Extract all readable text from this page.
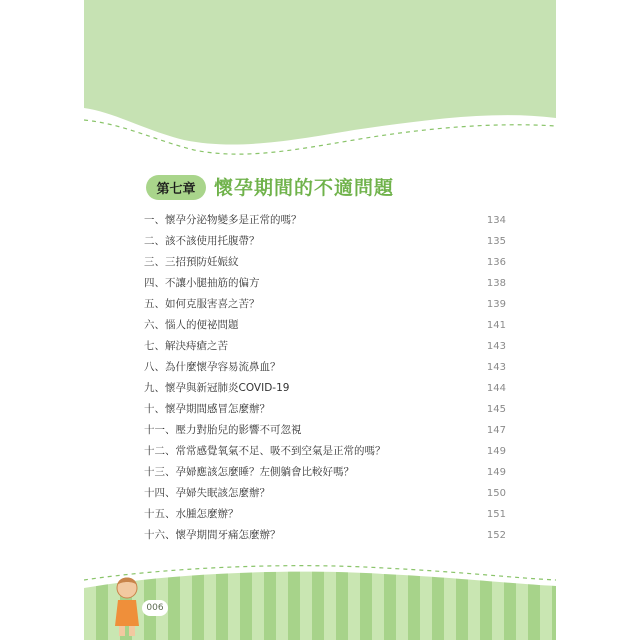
第七章 懷孕期間的不適問題
一、懷孕分泌物變多是正常的嗎？	134
二、該不該使用托腹帶？	135
三、三招預防妊娠紋	136
四、不讓小腿抽筋的偏方	138
五、如何克服害喜之苦？	139
六、惱人的便祕問題	141
七、解決痔瘡之苦	143
八、為什麼懷孕容易流鼻血？	143
九、懷孕與新冠肺炎COVID-19	144
十、懷孕期間感冒怎麼辦？	145
十一、壓力對胎兒的影響不可忽視	147
十二、常常感覺氧氣不足、吸不到空氣是正常的嗎？	149
十三、孕婦應該怎麼睡？左側躺會比較好嗎？	149
十四、孕婦失眠該怎麼辦？	150
十五、水腫怎麼辦？	151
十六、懷孕期間牙痛怎麼辦？	152
006
